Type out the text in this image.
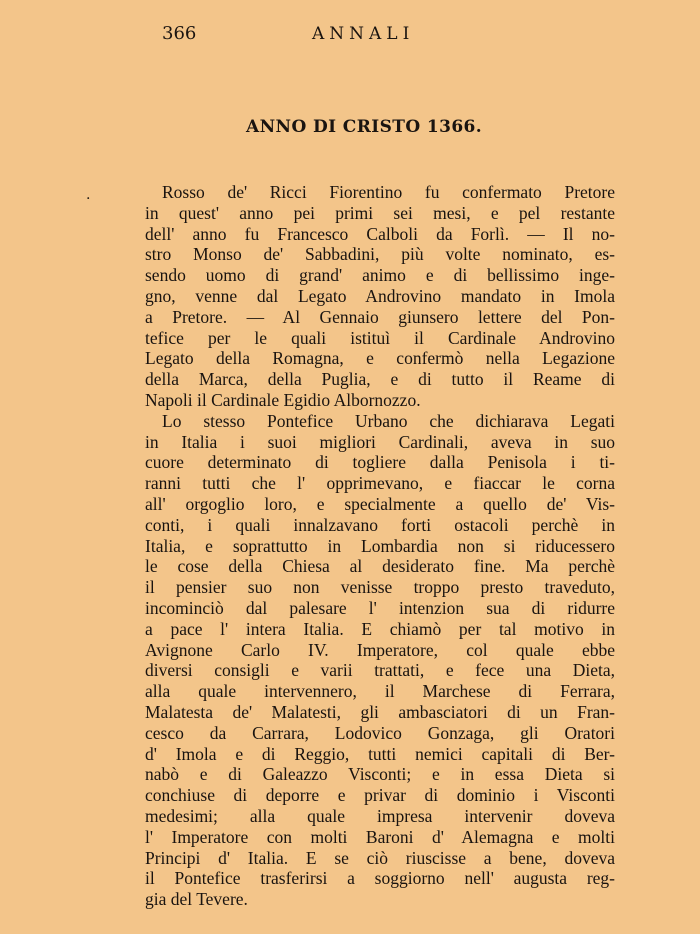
366	ANNALI
ANNO DI CRISTO 1366.
.	Rosso de' Ricci Fiorentino fu confermato Pretore
in quest' anno pei primi sei mesi, e pel restante
dell' anno fu Francesco Calboli da Forlì. — Il no-
stro Monso de' Sabbadini, più volte nominato, es-
sendo uomo di grand' animo e di bellissimo inge-
gno, venne dal Legato Androvino mandato in Imola
a Pretore. — Al Gennaio giunsero lettere del Pon-
tefice per le quali istituì il Cardinale Androvino
Legato della Romagna, e confermò nella Legazione
della Marca, della Puglia, e di tutto il Reame di
Napoli il Cardinale Egidio Albornozzo.
Lo stesso Pontefice Urbano che dichiarava Legati
in Italia i suoi migliori Cardinali, aveva in suo
cuore determinato di togliere dalla Penisola i ti-
ranni tutti che l' opprimevano, e fiaccar le corna
all' orgoglio loro, e specialmente a quello de' Vis-
conti, i quali innalzavano forti ostacoli perchè in
Italia, e soprattutto in Lombardia non si riducessero
le cose della Chiesa al desiderato fine. Ma perchè
il pensier suo non venisse troppo presto traveduto,
incominciò dal palesare l' intenzion sua di ridurre
a pace l' intera Italia. E chiamò per tal motivo in
Avignone Carlo IV. Imperatore, col quale ebbe
diversi consigli e varii trattati, e fece una Dieta,
alla quale intervennero, il Marchese di Ferrara,
Malatesta de' Malatesti, gli ambasciatori di un Fran-
cesco da Carrara, Lodovico Gonzaga, gli Oratori
d' Imola e di Reggio, tutti nemici capitali di Ber-
nabò e di Galeazzo Visconti; e in essa Dieta si
conchiuse di deporre e privar di dominio i Visconti
medesimi; alla quale impresa intervenir doveva
l' Imperatore con molti Baroni d' Alemagna e molti
Principi d' Italia. E se ciò riuscisse a bene, doveva
il Pontefice trasferirsi a soggiorno nell' augusta reg-
gia del Tevere.
